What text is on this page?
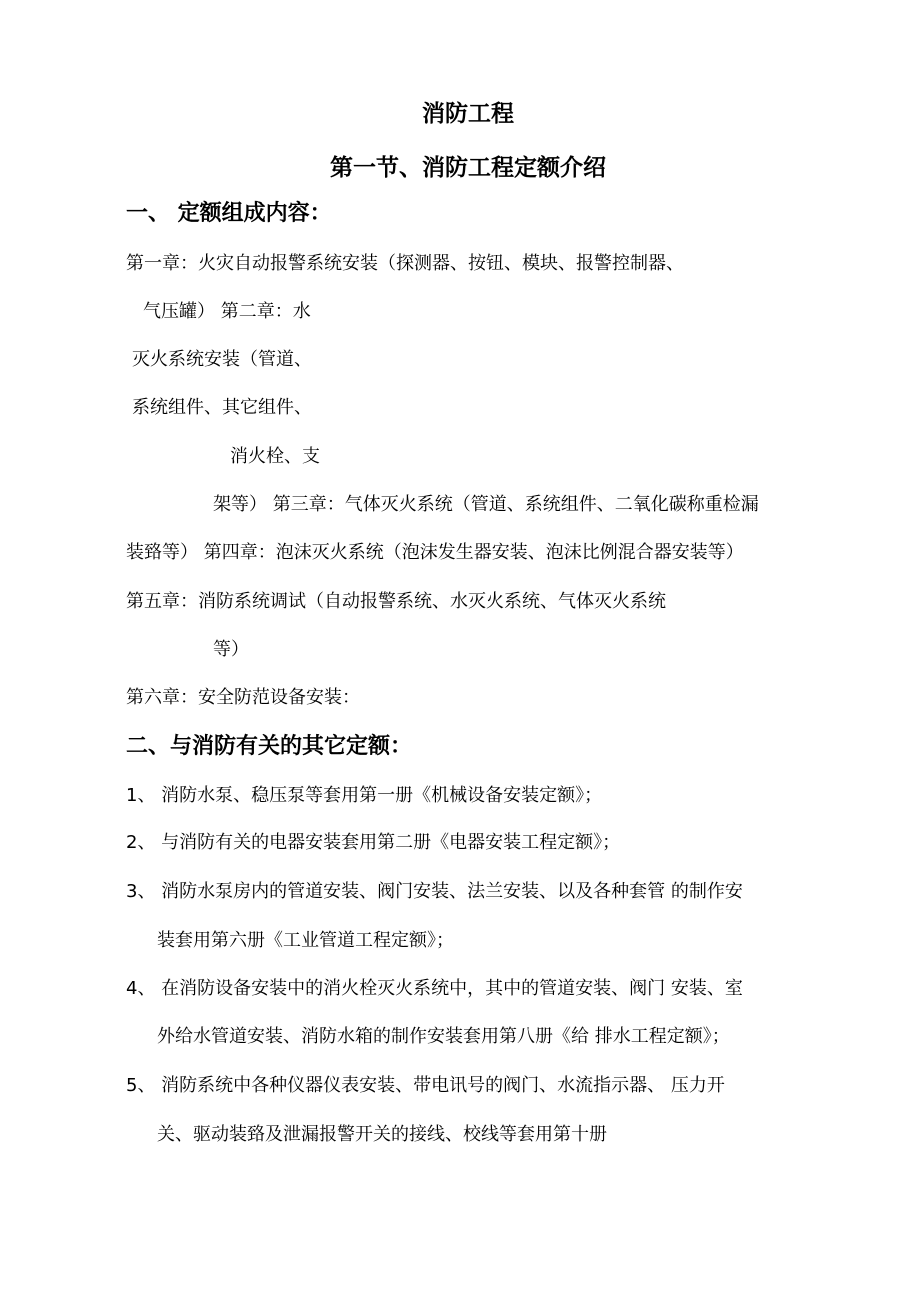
消防工程
第一节、消防工程定额介绍
一、 定额组成内容：
第一章：火灾自动报警系统安装（探测器、按钮、模块、报警控制器、
气压罐） 第二章：水
灭火系统安装（管道、
系统组件、其它组件、
消火栓、支
架等） 第三章：气体灭火系统（管道、系统组件、二氧化碳称重检漏
装臵等） 第四章：泡沫灭火系统（泡沫发生器安装、泡沫比例混合器安装等）
第五章：消防系统调试（自动报警系统、水灭火系统、气体灭火系统
等）
第六章：安全防范设备安装：
二、与消防有关的其它定额：
1、 消防水泵、稳压泵等套用第一册《机械设备安装定额》；
2、 与消防有关的电器安装套用第二册《电器安装工程定额》；
3、 消防水泵房内的管道安装、阀门安装、法兰安装、以及各种套管 的制作安
装套用第六册《工业管道工程定额》；
4、 在消防设备安装中的消火栓灭火系统中，其中的管道安装、阀门 安装、室
外给水管道安装、消防水箱的制作安装套用第八册《给 排水工程定额》；
5、 消防系统中各种仪器仪表安装、带电讯号的阀门、水流指示器、 压力开
关、驱动装臵及泄漏报警开关的接线、校线等套用第十册
